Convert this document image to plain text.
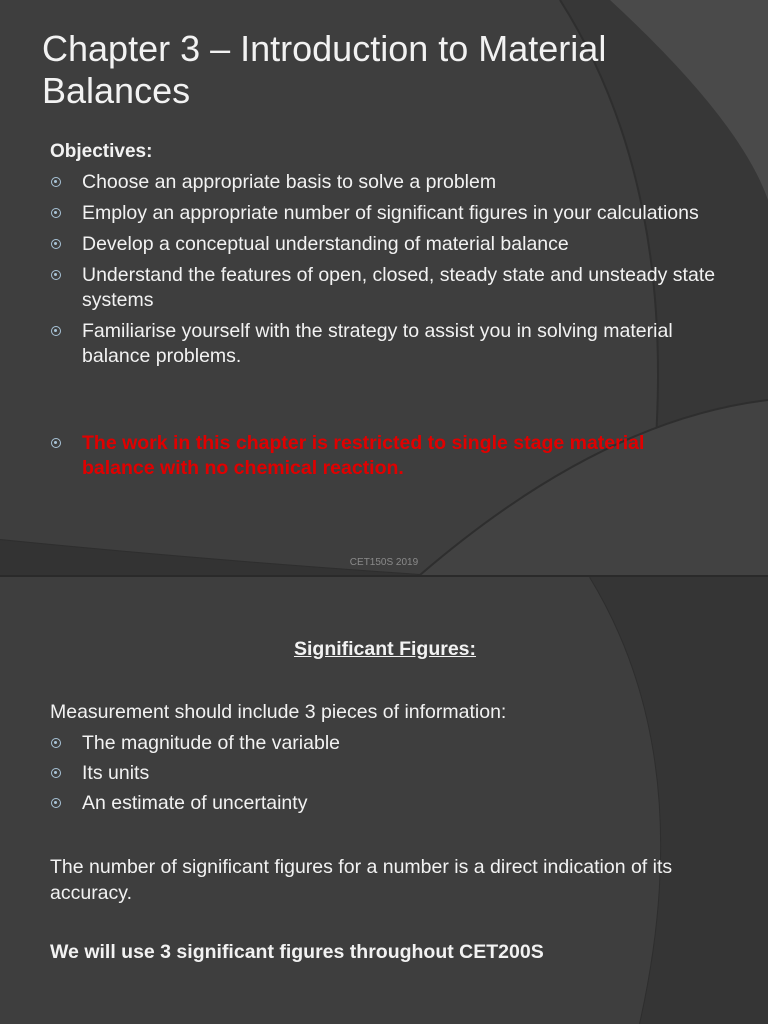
Chapter 3 – Introduction to Material Balances
Objectives:
Choose an appropriate basis to solve a problem
Employ an appropriate number of significant figures in your calculations
Develop a conceptual understanding of material balance
Understand the features of open, closed, steady state and unsteady state systems
Familiarise yourself with the strategy to assist you in solving material balance problems.
The work in this chapter is restricted to single stage material balance with no chemical reaction.
CET150S 2019
Significant Figures:
Measurement should include 3 pieces of information:
The magnitude of the variable
Its units
An estimate of uncertainty
The number of significant figures for a number is a direct indication of its accuracy.
We will use 3 significant figures throughout CET200S
